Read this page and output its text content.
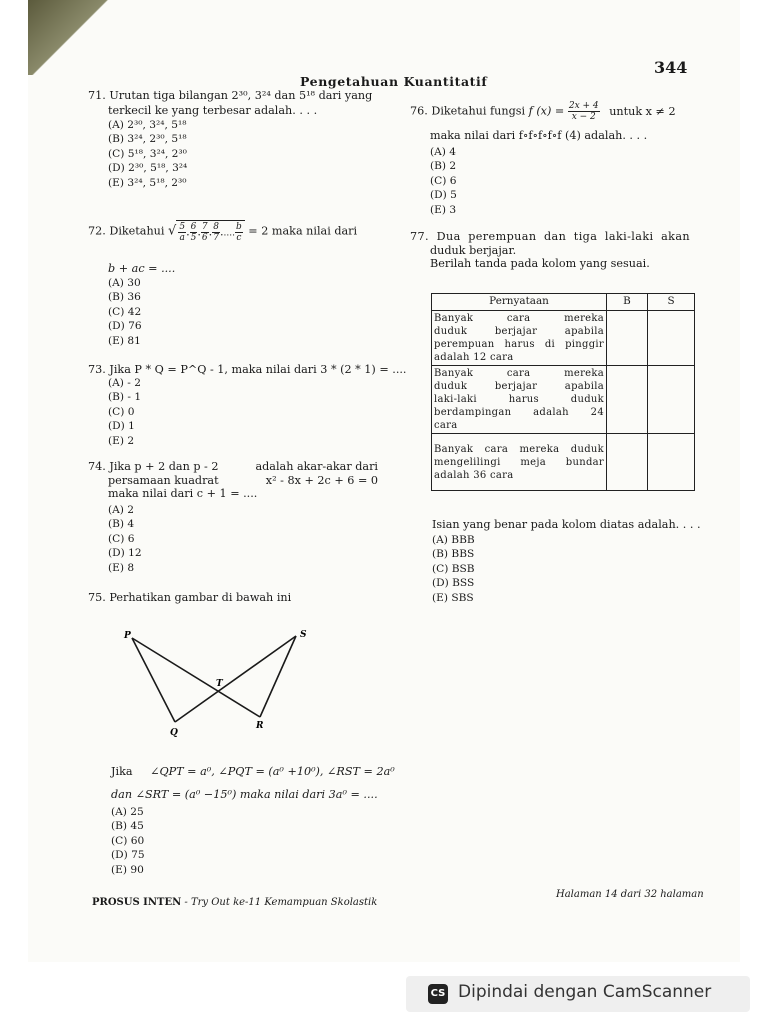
344
Pengetahuan Kuantitatif
71. Urutan tiga bilangan 2³⁰, 3²⁴ dan 5¹⁸ dari yang
terkecil ke yang terbesar adalah. . . .
(A) 2³⁰, 3²⁴, 5¹⁸
(B) 3²⁴, 2³⁰, 5¹⁸
(C) 5¹⁸, 3²⁴, 2³⁰
(D) 2³⁰, 5¹⁸, 3²⁴
(E) 3²⁴, 5¹⁸, 2³⁰
72. Diketahui √ $\frac{5}{a}$ . $\frac{6}{5}$ . $\frac{7}{6}$ . $\frac{8}{7}$ ..... $\frac{b}{c} = 2$ maka nilai dari
b + ac = ....
(A) 30
(B) 36
(C) 42
(D) 76
(E) 81
73. Jika P * Q = P^Q - 1, maka nilai dari 3 * (2 * 1) = ....
(A) - 2
(B) - 1
(C) 0
(D) 1
(E) 2
74. Jika p + 2 dan p - 2	adalah akar-akar dari
persamaan kuadrat	x² - 8x + 2c + 6 = 0
maka nilai dari c + 1 = ....
(A) 2
(B) 4
(C) 6
(D) 12
(E) 8
75. Perhatikan gambar di bawah ini
P	S
T
Q
R
Jika ∠QPT = a⁰, ∠PQT = (a⁰ +10⁰), ∠RST = 2a⁰
dan ∠SRT = (a⁰ −15⁰) maka nilai dari 3a⁰ = ....
(A) 25
(B) 45
(C) 60
(D) 75
(E) 90
76. Diketahui fungsi f $(x) = \frac{2x + 4}{x - 2}$ untuk x ≠ 2
maka nilai dari f∘f∘f∘f∘f (4) adalah. . . .
(A) 4
(B) 2
(C) 6
(D) 5
(E) 3
77. Dua perempuan dan tiga laki-laki akan
duduk berjajar.
Berilah tanda pada kolom yang sesuai.
Pernyataan	B	S

Banyak cara mereka
duduk berjajar apabila
perempuan harus di pinggir
adalah 12 cara		

Banyak cara mereka
duduk berjajar apabila
laki-laki harus duduk
berdampingan adalah 24
cara		

Banyak cara mereka duduk
mengelilingi meja bundar
adalah 36 cara		

Isian yang benar pada kolom diatas adalah. . . .
(A) BBB
(B) BBS
(C) BSB
(D) BSS
(E) SBS
PROSUS INTEN - Try Out ke-11 Kemampuan Skolastik
Halaman 14 dari 32 halaman
CS Dipindai dengan CamScanner
